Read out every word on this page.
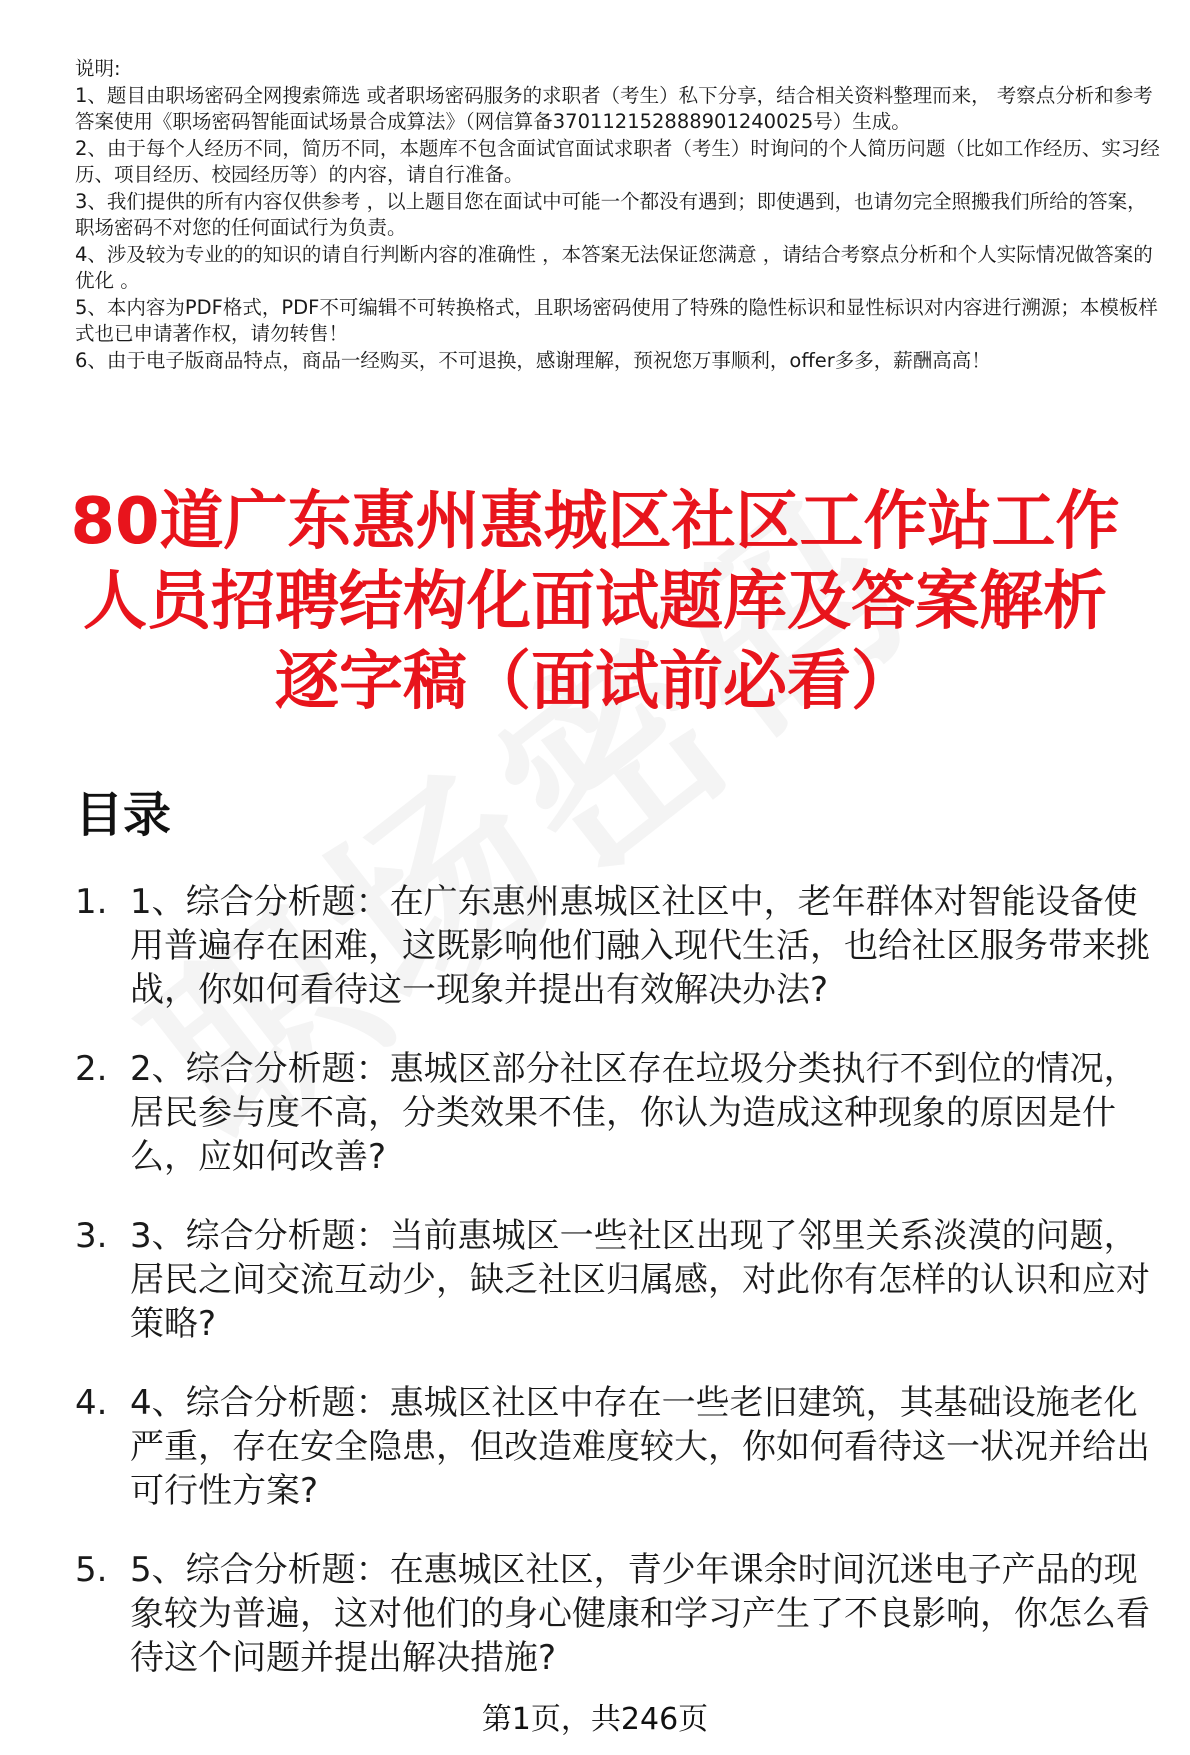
说明:

1、题目由职场密码全网搜索筛选 或者职场密码服务的求职者（考生）私下分享，结合相关资料整理而来， 考察点分析和参考答案使用《职场密码智能面试场景合成算法》（网信算备370112152888901240025号）生成。

2、由于每个人经历不同，简历不同，本题库不包含面试官面试求职者（考生）时询问的个人简历问题（比如工作经历、实习经历、项目经历、校园经历等）的内容，请自行准备。

3、我们提供的所有内容仅供参考 ，以上题目您在面试中可能一个都没有遇到；即使遇到，也请勿完全照搬我们所给的答案，职场密码不对您的任何面试行为负责。

4、涉及较为专业的的知识的请自行判断内容的准确性 ，本答案无法保证您满意 ，请结合考察点分析和个人实际情况做答案的优化 。

5、本内容为PDF格式，PDF不可编辑不可转换格式，且职场密码使用了特殊的隐性标识和显性标识对内容进行溯源；本模板样式也已申请著作权，请勿转售！

6、由于电子版商品特点，商品一经购买，不可退换，感谢理解，预祝您万事顺利，offer多多，薪酬高高！

80道广东惠州惠城区社区工作站工作人员招聘结构化面试题库及答案解析逐字稿（面试前必看）
目录
1. 1、综合分析题：在广东惠州惠城区社区中，老年群体对智能设备使用普遍存在困难，这既影响他们融入现代生活，也给社区服务带来挑战，你如何看待这一现象并提出有效解决办法?
2. 2、综合分析题：惠城区部分社区存在垃圾分类执行不到位的情况，居民参与度不高，分类效果不佳，你认为造成这种现象的原因是什么，应如何改善?
3. 3、综合分析题：当前惠城区一些社区出现了邻里关系淡漠的问题，居民之间交流互动少，缺乏社区归属感，对此你有怎样的认识和应对策略?
4. 4、综合分析题：惠城区社区中存在一些老旧建筑，其基础设施老化严重，存在安全隐患，但改造难度较大，你如何看待这一状况并给出可行性方案?
5. 5、综合分析题：在惠城区社区，青少年课余时间沉迷电子产品的现象较为普遍，这对他们的身心健康和学习产生了不良影响，你怎么看待这个问题并提出解决措施?
第1页，共246页
